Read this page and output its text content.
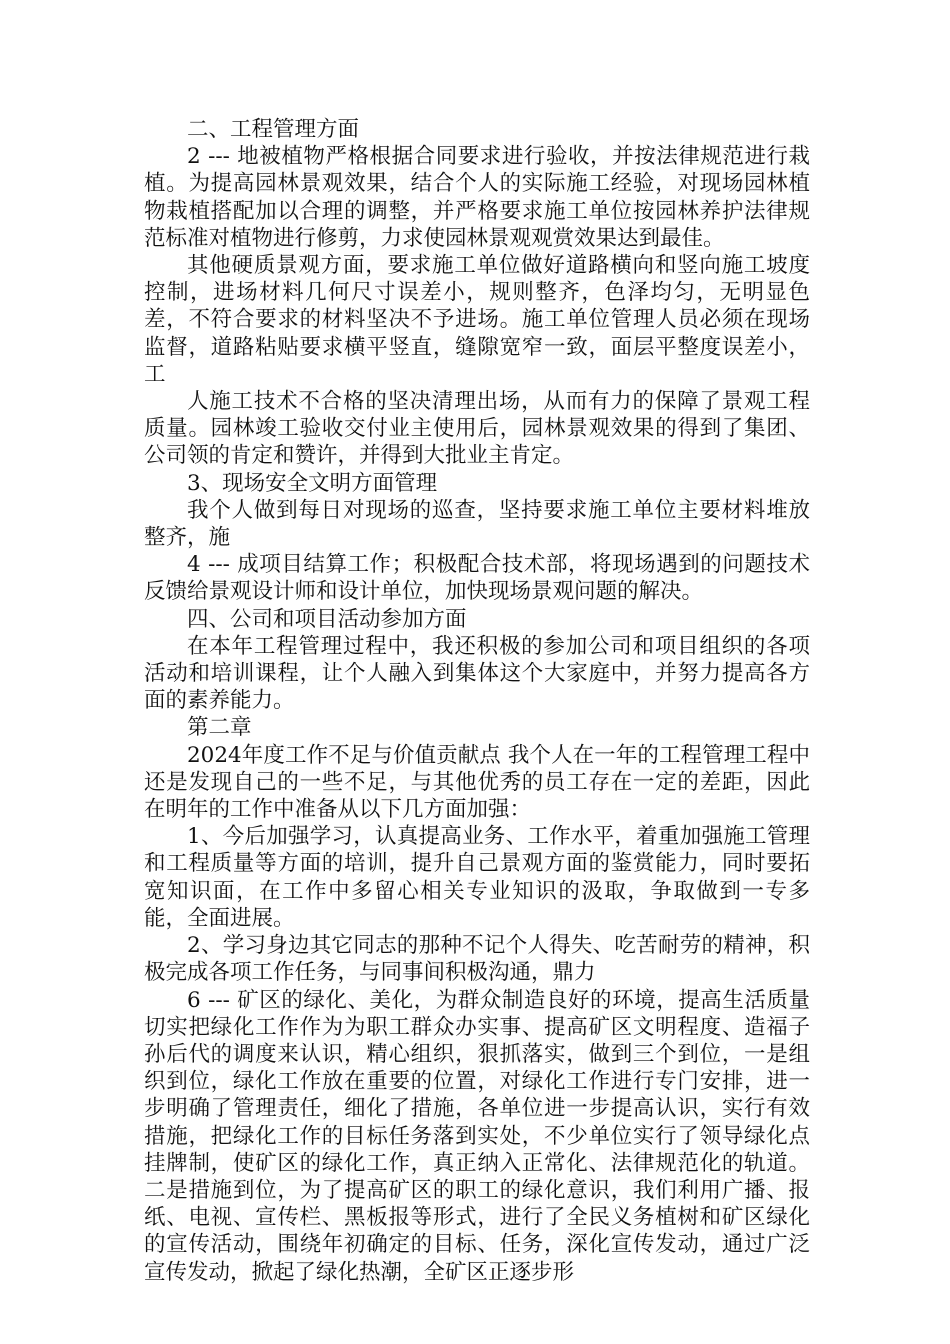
二、工程管理方面

2 --- 地被植物严格根据合同要求进行验收，并按法律规范进行栽植。为提高园林景观效果，结合个人的实际施工经验，对现场园林植物栽植搭配加以合理的调整，并严格要求施工单位按园林养护法律规范标准对植物进行修剪，力求使园林景观观赏效果达到最佳。

其他硬质景观方面，要求施工单位做好道路横向和竖向施工坡度控制，进场材料几何尺寸误差小，规则整齐，色泽均匀，无明显色差，不符合要求的材料坚决不予进场。施工单位管理人员必须在现场监督，道路粘贴要求横平竖直，缝隙宽窄一致，面层平整度误差小，工

人施工技术不合格的坚决清理出场，从而有力的保障了景观工程质量。园林竣工验收交付业主使用后，园林景观效果的得到了集团、公司领的肯定和赞许，并得到大批业主肯定。

3、现场安全文明方面管理

我个人做到每日对现场的巡查，坚持要求施工单位主要材料堆放整齐，施

4 --- 成项目结算工作；积极配合技术部，将现场遇到的问题技术反馈给景观设计师和设计单位，加快现场景观问题的解决。

四、公司和项目活动参加方面

在本年工程管理过程中，我还积极的参加公司和项目组织的各项活动和培训课程，让个人融入到集体这个大家庭中，并努力提高各方面的素养能力。

第二章

2024年度工作不足与价值贡献点 我个人在一年的工程管理工程中还是发现自己的一些不足，与其他优秀的员工存在一定的差距，因此在明年的工作中准备从以下几方面加强：

1、今后加强学习，认真提高业务、工作水平，着重加强施工管理和工程质量等方面的培训，提升自己景观方面的鉴赏能力，同时要拓宽知识面，在工作中多留心相关专业知识的汲取，争取做到一专多能，全面进展。

2、学习身边其它同志的那种不记个人得失、吃苦耐劳的精神，积极完成各项工作任务，与同事间积极沟通，鼎力

6 --- 矿区的绿化、美化，为群众制造良好的环境，提高生活质量切实把绿化工作作为为职工群众办实事、提高矿区文明程度、造福子孙后代的调度来认识，精心组织，狠抓落实，做到三个到位，一是组织到位，绿化工作放在重要的位置，对绿化工作进行专门安排，进一步明确了管理责任，细化了措施，各单位进一步提高认识，实行有效措施，把绿化工作的目标任务落到实处，不少单位实行了领导绿化点挂牌制，使矿区的绿化工作，真正纳入正常化、法律规范化的轨道。二是措施到位，为了提高矿区的职工的绿化意识，我们利用广播、报纸、电视、宣传栏、黑板报等形式，进行了全民义务植树和矿区绿化的宣传活动，围绕年初确定的目标、任务，深化宣传发动，通过广泛宣传发动，掀起了绿化热潮，全矿区正逐步形
